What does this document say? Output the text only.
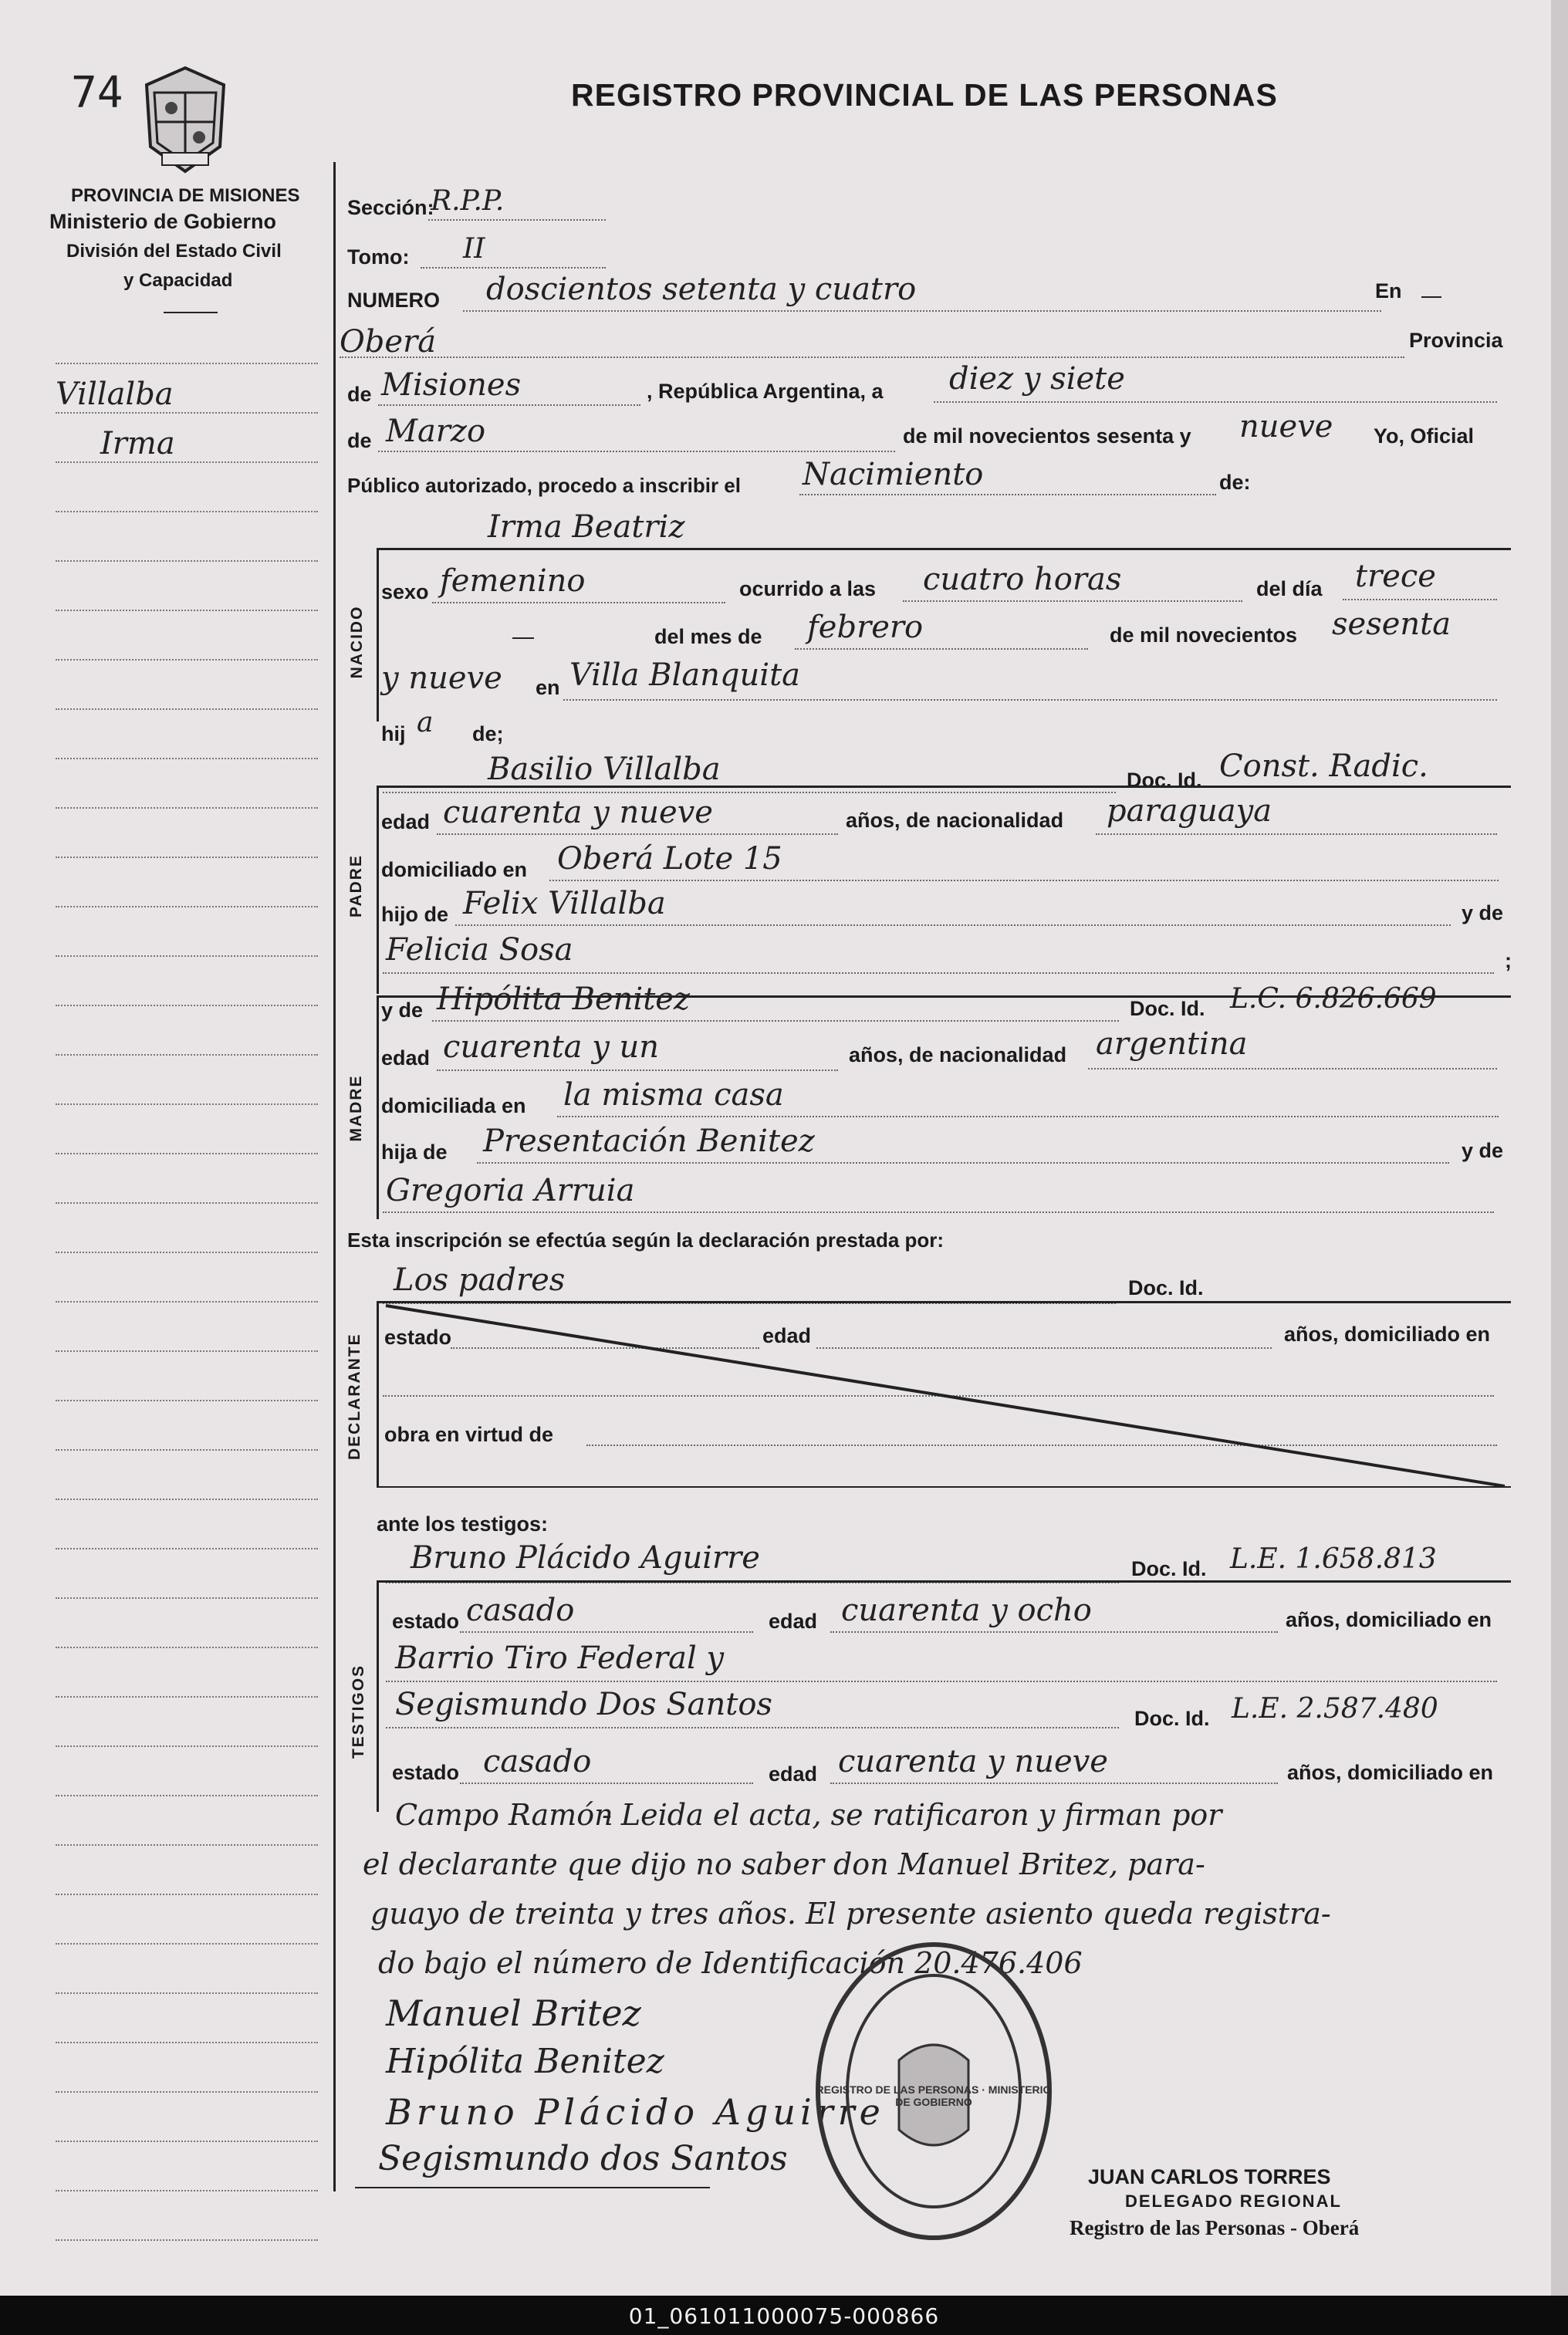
74	REGISTRO PROVINCIAL DE LAS PERSONAS
PROVINCIA DE MISIONES
Ministerio de Gobierno
División del Estado Civil
y Capacidad
Villalba
Irma
Sección:
R.P.P.
Tomo: II
NUMERO doscientos setenta y cuatro	En
Oberá	Provincia
de Misiones	, República Argentina, a diez y siete
de Marzo	de mil novecientos sesenta y nueve Yo, Oficial
Público autorizado, procedo a inscribir el Nacimiento	de:
Irma Beatriz
NACIDO
sexo femenino	ocurrido a las cuatro horas	del día trece
del mes de febrero	de mil novecientos sesenta
y nueve en Villa Blanquita
hij a de;
Basilio Villalba	Doc. Id. Const. Radic.
PADRE
edad cuarenta y nueve	años, de nacionalidad paraguaya
domiciliado en Oberá Lote 15
hijo de Felix Villalba	y de
Felicia Sosa	;
MADRE
y de Hipólita Benitez	Doc. Id. L.C. 6.826.669
edad cuarenta y un	años, de nacionalidad argentina
domiciliada en la misma casa
hija de Presentación Benitez	y de
Gregoria Arruia
Esta inscripción se efectúa según la declaración prestada por:
Los padres	Doc. Id.
DECLARANTE estado	edad	años, domiciliado en
obra en virtud de
ante los testigos:
Bruno Plácido Aguirre	Doc. Id. L.E. 1.658.813
TESTIGOS
estado casado	edad cuarenta y ocho	años, domiciliado en
Barrio Tiro Federal y
Segismundo Dos Santos	Doc. Id. L.E. 2.587.480
estado casado	edad cuarenta y nueve	años, domiciliado en
Campo Ramón
- Leida el acta, se ratificaron y firman por
el declarante que dijo no saber don Manuel Britez, para-
guayo de treinta y tres años. El presente asiento queda registra-
do bajo el número de Identificación 20.476.406
Manuel Britez
Hipólita Benitez
Bruno Plácido Aguirre
Segismundo dos Santos
REGISTRO DE LAS PERSONAS · MINISTERIO DE GOBIERNO
JUAN CARLOS TORRES
DELEGADO REGIONAL
Registro de las Personas - Oberá
01_061011000075-000866
